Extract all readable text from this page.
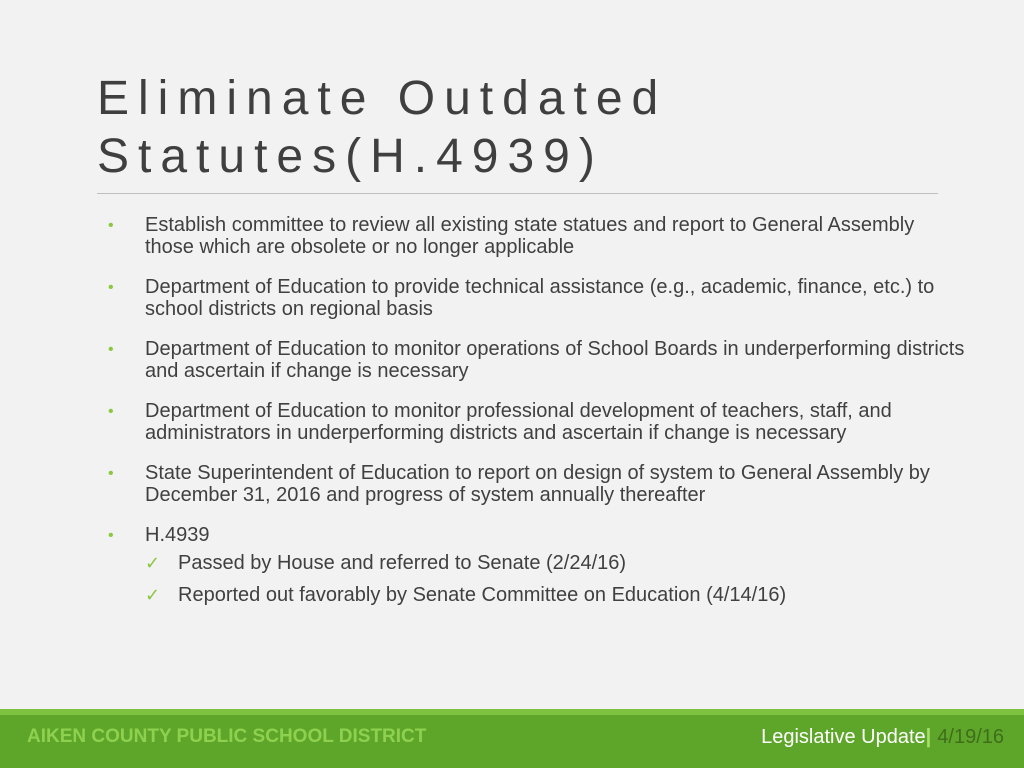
Eliminate Outdated
Statutes(H.4939)
• Establish committee to review all existing state statues and report to General Assembly those which are obsolete or no longer applicable
• Department of Education to provide technical assistance (e.g., academic, finance, etc.) to school districts on regional basis
• Department of Education to monitor operations of School Boards in underperforming districts and ascertain if change is necessary
• Department of Education to monitor professional development of teachers, staff, and administrators in underperforming districts and ascertain if change is necessary
• State Superintendent of Education to report on design of system to General Assembly by December 31, 2016 and progress of system annually thereafter
• H.4939
✓ Passed by House and referred to Senate (2/24/16)
✓ Reported out favorably by Senate Committee on Education (4/14/16)
AIKEN COUNTY PUBLIC SCHOOL DISTRICT	Legislative Update| 4/19/16
